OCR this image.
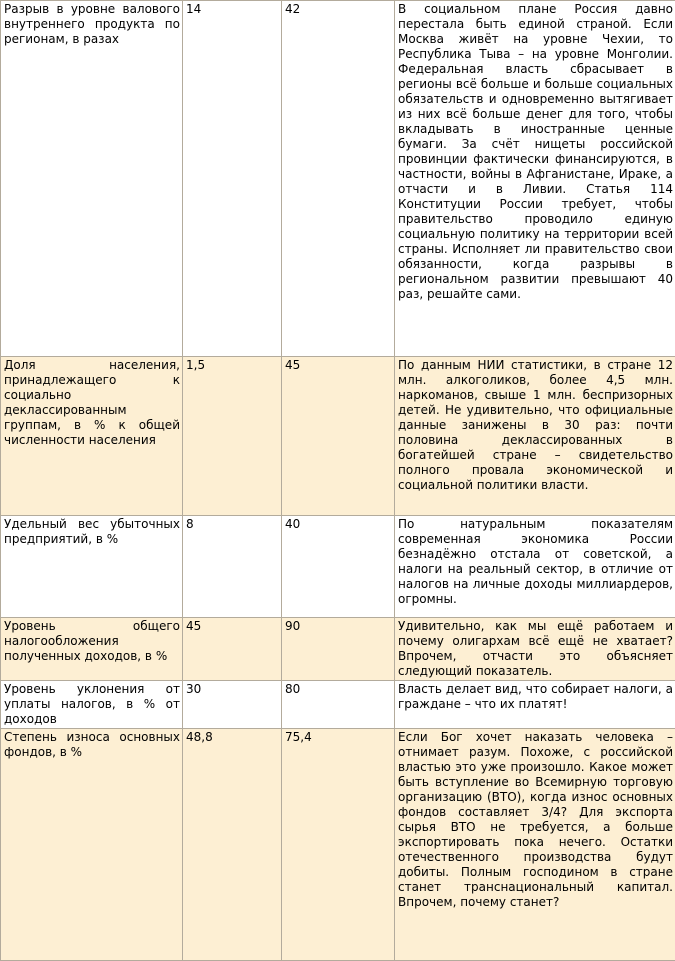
Разрыв в уровне валового внутреннего продукта по регионам, в разах	14	42	В социальном плане Россия давно перестала быть единой страной. Если Москва живёт на уровне Чехии, то Республика Тыва – на уровне Монголии. Федеральная власть сбрасывает в регионы всё больше и больше социальных обязательств и одновременно вытягивает из них всё больше денег для того, чтобы вкладывать в иностранные ценные бумаги. За счёт нищеты российской провинции фактически финансируются, в частности, войны в Афганистане, Ираке, а отчасти и в Ливии. Статья 114 Конституции России требует, чтобы правительство проводило единую социальную политику на территории всей страны. Исполняет ли правительство свои обязанности, когда разрывы в региональном развитии превышают 40 раз, решайте сами.
Доля населения, принадлежащего к социально деклассированным группам, в % к общей численности населения	1,5	45	По данным НИИ статистики, в стране 12 млн. алкоголиков, более 4,5 млн. наркоманов, свыше 1 млн. беспризорных детей. Не удивительно, что официальные данные занижены в 30 раз: почти половина деклассированных в богатейшей стране – свидетельство полного провала экономической и социальной политики власти.
Удельный вес убыточных предприятий, в %	8	40	По натуральным показателям современная экономика России безнадёжно отстала от советской, а налоги на реальный сектор, в отличие от налогов на личные доходы миллиардеров, огромны.
Уровень общего налогообложения полученных доходов, в %	45	90	Удивительно, как мы ещё работаем и почему олигархам всё ещё не хватает? Впрочем, отчасти это объясняет следующий показатель.
Уровень уклонения от уплаты налогов, в % от доходов	30	80	Власть делает вид, что собирает налоги, а граждане – что их платят!
Степень износа основных фондов, в %	48,8	75,4	Если Бог хочет наказать человека – отнимает разум. Похоже, с российской властью это уже произошло. Какое может быть вступление во Всемирную торговую организацию (ВТО), когда износ основных фондов составляет 3/4? Для экспорта сырья ВТО не требуется, а больше экспортировать пока нечего. Остатки отечественного производства будут добиты. Полным господином в стране станет транснациональный капитал. Впрочем, почему станет?
